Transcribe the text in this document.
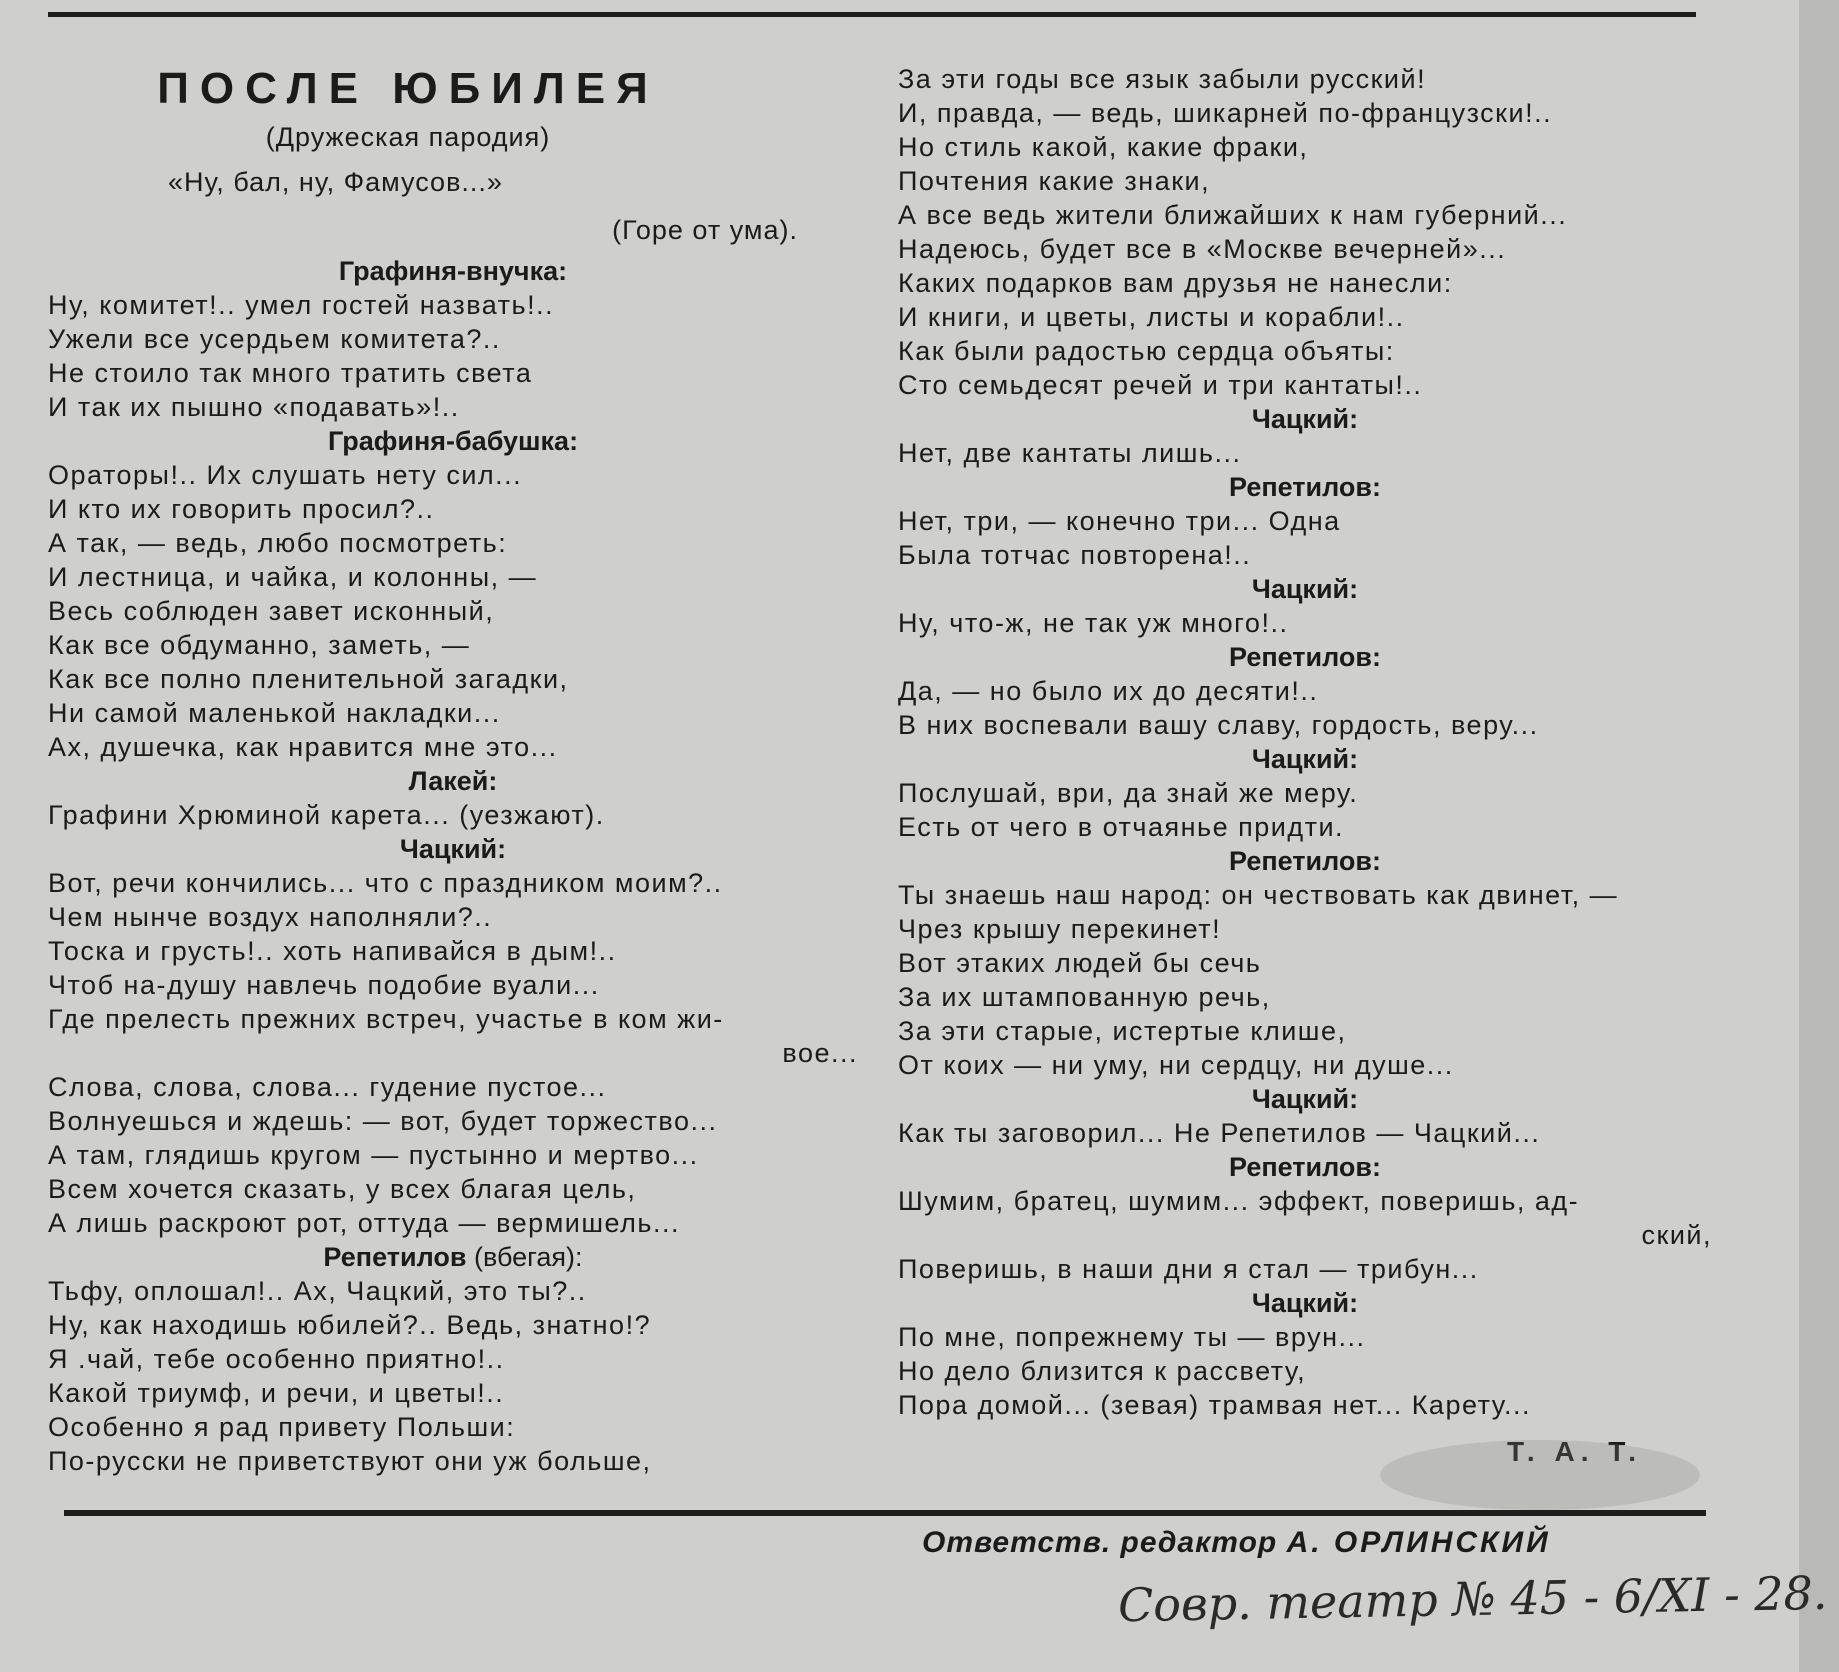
ПОСЛЕ ЮБИЛЕЯ
(Дружеская пародия)
«Ну, бал, ну, Фамусов...»
(Горе от ума).
Графиня-внучка:
Ну, комитет!.. умел гостей назвать!..
Ужели все усердьем комитета?..
Не стоило так много тратить света
И так их пышно «подавать»!..
Графиня-бабушка:
Ораторы!.. Их слушать нету сил...
И кто их говорить просил?..
А так, — ведь, любо посмотреть:
И лестница, и чайка, и колонны, —
Весь соблюден завет исконный,
Как все обдуманно, заметь, —
Как все полно пленительной загадки,
Ни самой маленькой накладки...
Ах, душечка, как нравится мне это...
Лакей:
Графини Хрюминой карета... (уезжают).
Чацкий:
Вот, речи кончились... что с праздником моим?..
Чем нынче воздух наполняли?..
Тоска и грусть!.. хоть напивайся в дым!..
Чтоб на-душу навлечь подобие вуали...
Где прелесть прежних встреч, участье в ком жи-
вое...
Слова, слова, слова... гудение пустое...
Волнуешься и ждешь: — вот, будет торжество...
А там, глядишь кругом — пустынно и мертво...
Всем хочется сказать, у всех благая цель,
А лишь раскроют рот, оттуда — вермишель...
Репетилов (вбегая):
Тьфу, оплошал!.. Ах, Чацкий, это ты?..
Ну, как находишь юбилей?.. Ведь, знатно!?
Я .чай, тебе особенно приятно!..
Какой триумф, и речи, и цветы!..
Особенно я рад привету Польши:
По-русски не приветствуют они уж больше,
За эти годы все язык забыли русский!
И, правда, — ведь, шикарней по-французски!..
Но стиль какой, какие фраки,
Почтения какие знаки,
А все ведь жители ближайших к нам губерний...
Надеюсь, будет все в «Москве вечерней»...
Каких подарков вам друзья не нанесли:
И книги, и цветы, листы и корабли!..
Как были радостью сердца объяты:
Сто семьдесят речей и три кантаты!..
Чацкий:
Нет, две кантаты лишь...
Репетилов:
Нет, три, — конечно три... Одна
Была тотчас повторена!..
Чацкий:
Ну, что-ж, не так уж много!..
Репетилов:
Да, — но было их до десяти!..
В них воспевали вашу славу, гордость, веру...
Чацкий:
Послушай, ври, да знай же меру.
Есть от чего в отчаянье придти.
Репетилов:
Ты знаешь наш народ: он чествовать как двинет, —
Чрез крышу перекинет!
Вот этаких людей бы сечь
За их штампованную речь,
За эти старые, истертые клише,
От коих — ни уму, ни сердцу, ни душе...
Чацкий:
Как ты заговорил... Не Репетилов — Чацкий...
Репетилов:
Шумим, братец, шумим... эффект, поверишь, ад-
ский,
Поверишь, в наши дни я стал — трибун...
Чацкий:
По мне, попрежнему ты — врун...
Но дело близится к рассвету,
Пора домой... (зевая) трамвая нет... Карету...
Т. А. Т.
Ответств. редактор А. ОРЛИНСКИЙ
Совр. театр № 45 - 6/XI - 28.
